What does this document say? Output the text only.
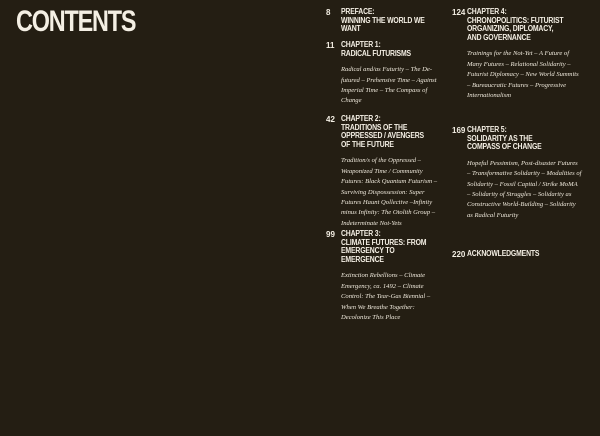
CONTENTS	8 PREFACE:
WINNING THE WORLD WE WANT
11 CHAPTER 1:
RADICAL FUTURISMS
Radical and/as Futurity – The De-futured – Prehensive Time – Against Imperial Time – The Compass of Change
42 CHAPTER 2:
TRADITIONS OF THE OPPRESSED / AVENGERS OF THE FUTURE
Tradition/s of the Oppressed – Weaponized Time / Community Futures: Black Quantum Futurism – Surviving Dispossession: Super Futures Haunt Qollective –Infinity minus Infinity: The Otolith Group – Indeterminate Not-Yets
99 CHAPTER 3:
CLIMATE FUTURES: FROM EMERGENCY TO EMERGENCE
Extinction Rebellions – Climate Emergency, ca. 1492 – Climate Control: The Tear-Gas Biennial – When We Breathe Together: Decolonize This Place
124 CHAPTER 4:
CHRONOPOLITICS: FUTURIST ORGANIZING, DIPLOMACY, AND GOVERNANCE
Trainings for the Not-Yet – A Future of Many Futures – Relational Solidarity – Futurist Diplomacy – New World Summits – Bureaucratic Futures – Progressive Internationalism
169 CHAPTER 5:
SOLIDARITY AS THE COMPASS OF CHANGE
Hopeful Pessimism, Post-disaster Futures – Transformative Solidarity – Modalities of Solidarity – Fossil Capital / Strike MoMA – Solidarity of Struggles – Solidarity as Constructive World-Building – Solidarity as Radical Futurity
220 ACKNOWLEDGMENTS
